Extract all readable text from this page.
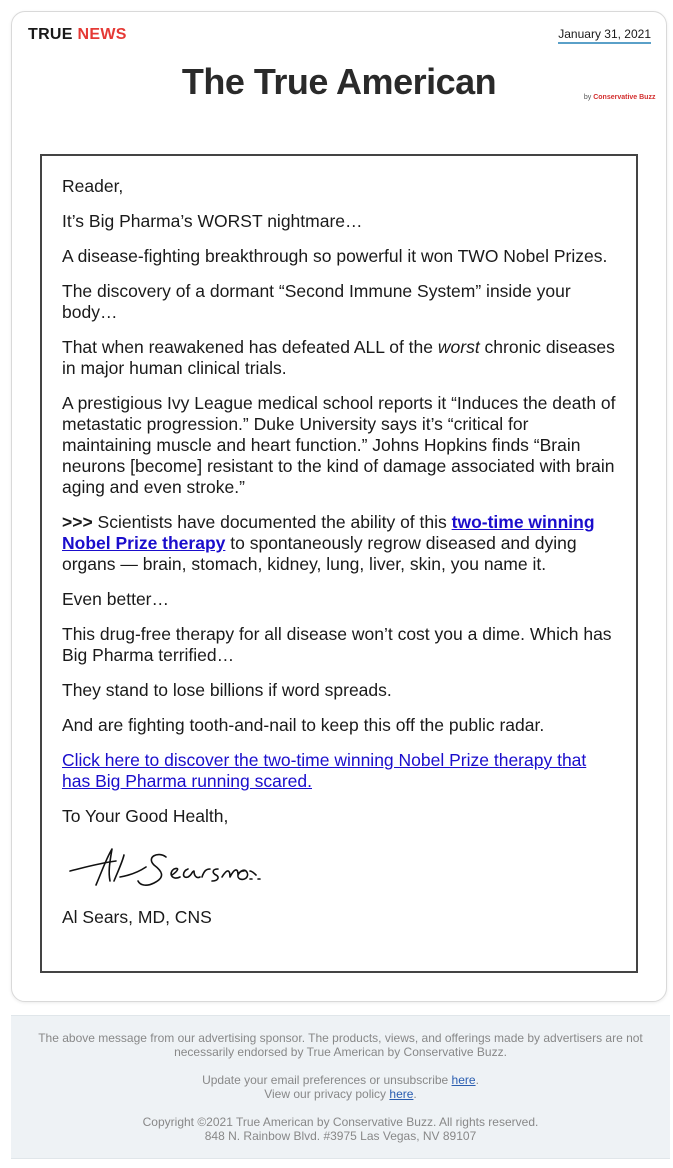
TRUE NEWS	January 31, 2021
The True American	by Conservative Buzz

Reader,

It’s Big Pharma’s WORST nightmare…

A disease-fighting breakthrough so powerful it won TWO Nobel Prizes.

The discovery of a dormant “Second Immune System” inside your body…

That when reawakened has defeated ALL of the worst chronic diseases in major human clinical trials.

A prestigious Ivy League medical school reports it “Induces the death of metastatic progression.” Duke University says it’s “critical for maintaining muscle and heart function.” Johns Hopkins finds “Brain neurons [become] resistant to the kind of damage associated with brain aging and even stroke.”

>>> Scientists have documented the ability of this two-time winning Nobel Prize therapy to spontaneously regrow diseased and dying organs — brain, stomach, kidney, lung, liver, skin, you name it.

Even better…

This drug-free therapy for all disease won’t cost you a dime. Which has Big Pharma terrified…

They stand to lose billions if word spreads.

And are fighting tooth-and-nail to keep this off the public radar.

Click here to discover the two-time winning Nobel Prize therapy that has Big Pharma running scared.

To Your Good Health,

Al Sears, MD, CNS

The above message from our advertising sponsor. The products, views, and offerings made by advertisers are not necessarily endorsed by True American by Conservative Buzz.
Update your email preferences or unsubscribe here.
View our privacy policy here.
Copyright ©2021 True American by Conservative Buzz. All rights reserved.
848 N. Rainbow Blvd. #3975 Las Vegas, NV 89107
